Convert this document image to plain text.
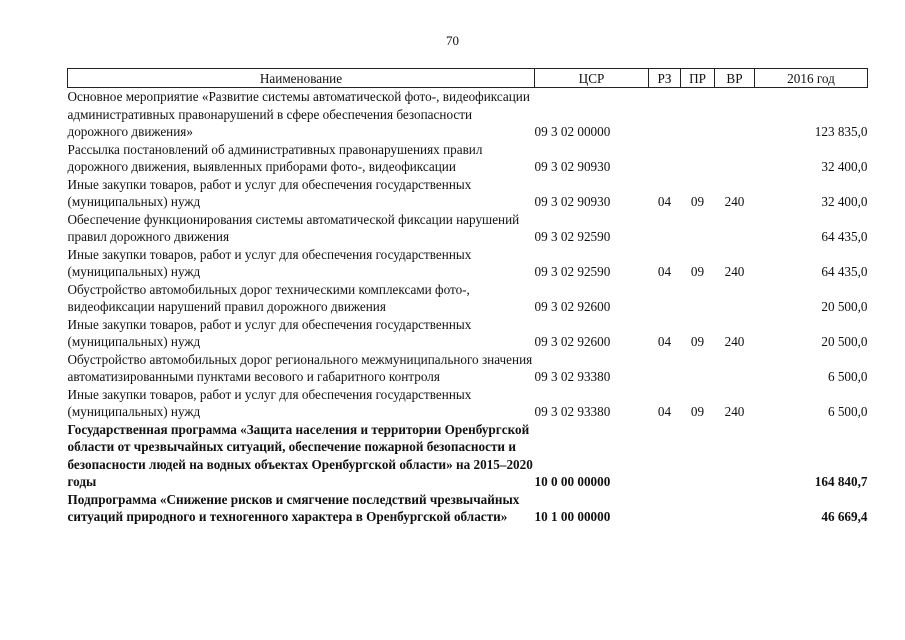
70
Наименование	ЦСР	РЗ	ПР	ВР	2016 год
Основное мероприятие «Развитие системы автоматической фото-, видеофиксации административных правонарушений в сфере обеспечения безопасности дорожного движения»	09 3 02 00000				123 835,0
Рассылка постановлений об административных правонарушениях правил дорожного движения, выявленных приборами фото-, видеофиксации	09 3 02 90930				32 400,0
Иные закупки товаров, работ и услуг для обеспечения государственных (муниципальных) нужд	09 3 02 90930	04	09	240	32 400,0
Обеспечение функционирования системы автоматической фиксации нарушений правил дорожного движения	09 3 02 92590				64 435,0
Иные закупки товаров, работ и услуг для обеспечения государственных (муниципальных) нужд	09 3 02 92590	04	09	240	64 435,0
Обустройство автомобильных дорог техническими комплексами фото-, видеофиксации нарушений правил дорожного движения	09 3 02 92600				20 500,0
Иные закупки товаров, работ и услуг для обеспечения государственных (муниципальных) нужд	09 3 02 92600	04	09	240	20 500,0
Обустройство автомобильных дорог регионального межмуниципального значения автоматизированными пунктами весового и габаритного контроля	09 3 02 93380				6 500,0
Иные закупки товаров, работ и услуг для обеспечения государственных (муниципальных) нужд	09 3 02 93380	04	09	240	6 500,0
Государственная программа «Защита населения и территории Оренбургской области от чрезвычайных ситуаций, обеспечение пожарной безопасности и безопасности людей на водных объектах Оренбургской области» на 2015–2020 годы	10 0 00 00000				164 840,7
Подпрограмма «Снижение рисков и смягчение последствий чрезвычайных ситуаций природного и техногенного характера в Оренбургской области»	10 1 00 00000				46 669,4
